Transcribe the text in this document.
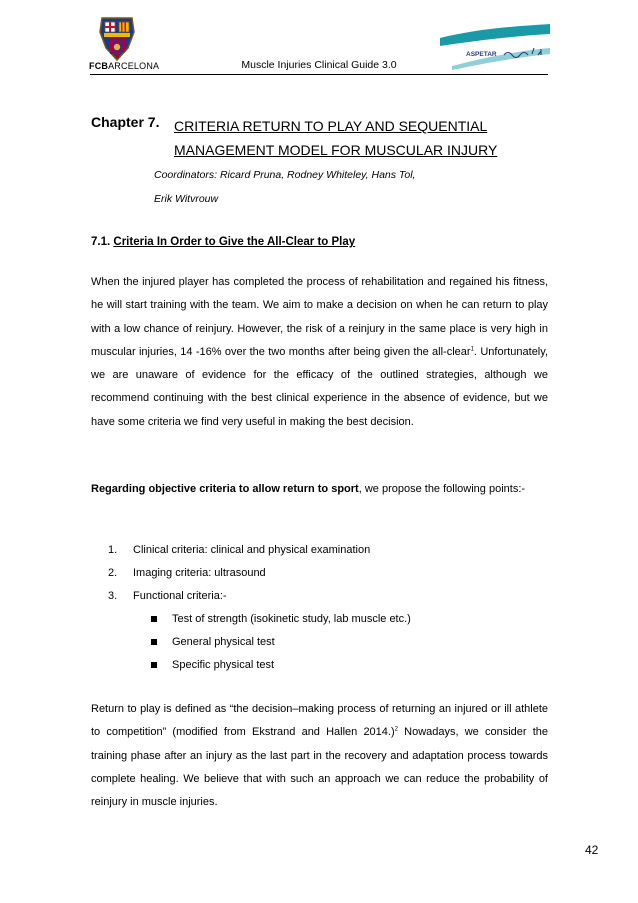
FCBARCELONA	Muscle Injuries Clinical Guide 3.0
ASPETAR
Chapter 7. CRITERIA RETURN TO PLAY AND SEQUENTIAL
MANAGEMENT MODEL FOR MUSCULAR INJURY
Coordinators: Ricard Pruna, Rodney Whiteley, Hans Tol,
Erik Witvrouw
7.1. Criteria In Order to Give the All-Clear to Play
When the injured player has completed the process of rehabilitation and regained his fitness, he will start training with the team. We aim to make a decision on when he can return to play with a low chance of reinjury. However, the risk of a reinjury in the same place is very high in muscular injuries, 14 -16% over the two months after being given the all-clear$^1$. Unfortunately, we are unaware of evidence for the efficacy of the outlined strategies, although we recommend continuing with the best clinical experience in the absence of evidence, but we have some criteria we find very useful in making the best decision.
Regarding objective criteria to allow return to sport, we propose the following points:-
1.	Clinical criteria: clinical and physical examination
2.	Imaging criteria: ultrasound
3.	Functional criteria:-
Test of strength (isokinetic study, lab muscle etc.)
General physical test
Specific physical test
Return to play is defined as “the decision–making process of returning an injured or ill athlete to competition” (modified from Ekstrand and Hallen 2014.)$^2$ Nowadays, we consider the training phase after an injury as the last part in the recovery and adaptation process towards complete healing. We believe that with such an approach we can reduce the probability of reinjury in muscle injuries.
42
